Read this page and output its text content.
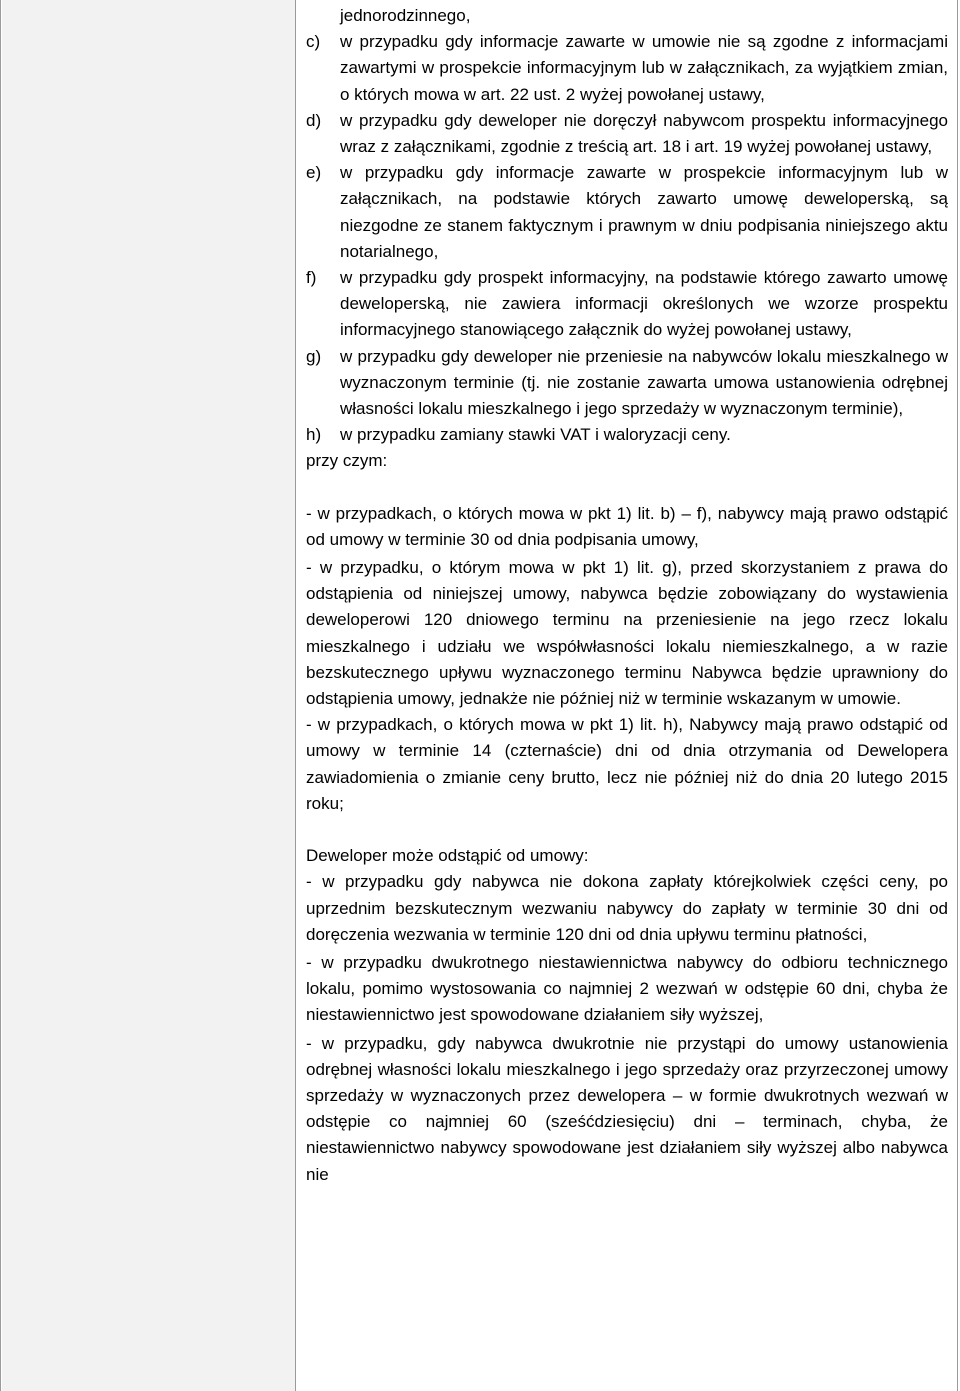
jednorodzinnego,

c)	w przypadku gdy informacje zawarte w umowie nie są zgodne z informacjami zawartymi w prospekcie informacyjnym lub w załącznikach, za wyjątkiem zmian, o których mowa w art. 22 ust. 2 wyżej powołanej ustawy,
d)	w przypadku gdy deweloper nie doręczył nabywcom prospektu informacyjnego wraz z załącznikami, zgodnie z treścią art. 18 i art. 19 wyżej powołanej ustawy,
e)	w przypadku gdy informacje zawarte w prospekcie informacyjnym lub w załącznikach, na podstawie których zawarto umowę deweloperską, są niezgodne ze stanem faktycznym i prawnym w dniu podpisania niniejszego aktu notarialnego,
f)	w przypadku gdy prospekt informacyjny, na podstawie którego zawarto umowę deweloperską, nie zawiera informacji określonych we wzorze prospektu informacyjnego stanowiącego załącznik do wyżej powołanej ustawy,
g)	w przypadku gdy deweloper nie przeniesie na nabywców lokalu mieszkalnego w wyznaczonym terminie (tj. nie zostanie zawarta umowa ustanowienia odrębnej własności lokalu mieszkalnego i jego sprzedaży w wyznaczonym terminie),
h)	w przypadku zamiany stawki VAT i waloryzacji ceny.

przy czym:

- w przypadkach, o których mowa w pkt 1) lit. b) – f), nabywcy mają prawo odstąpić od umowy w terminie 30 od dnia podpisania umowy,

- w przypadku, o którym mowa w pkt 1) lit. g), przed skorzystaniem z prawa do odstąpienia od niniejszej umowy, nabywca będzie zobowiązany do wystawienia deweloperowi 120 dniowego terminu na przeniesienie na jego rzecz lokalu mieszkalnego i udziału we współwłasności lokalu niemieszkalnego, a w razie bezskutecznego upływu wyznaczonego terminu Nabywca będzie uprawniony do odstąpienia umowy, jednakże nie później niż w terminie wskazanym w umowie.

- w przypadkach, o których mowa w pkt 1) lit. h), Nabywcy mają prawo odstąpić od umowy w terminie 14 (czternaście) dni od dnia otrzymania od Dewelopera zawiadomienia o zmianie ceny brutto, lecz nie później niż do dnia 20 lutego 2015 roku;

Deweloper może odstąpić od umowy:

- w przypadku gdy nabywca nie dokona zapłaty którejkolwiek części ceny, po uprzednim bezskutecznym wezwaniu nabywcy do zapłaty w terminie 30 dni od doręczenia wezwania w terminie 120 dni od dnia upływu terminu płatności,

- w przypadku dwukrotnego niestawiennictwa nabywcy do odbioru technicznego lokalu, pomimo wystosowania co najmniej 2 wezwań w odstępie 60 dni, chyba że niestawiennictwo jest spowodowane działaniem siły wyższej,

- w przypadku, gdy nabywca dwukrotnie nie przystąpi do umowy ustanowienia odrębnej własności lokalu mieszkalnego i jego sprzedaży oraz przyrzeczonej umowy sprzedaży w wyznaczonych przez dewelopera – w formie dwukrotnych wezwań w odstępie co najmniej 60 (sześćdziesięciu) dni – terminach, chyba, że niestawiennictwo nabywcy spowodowane jest działaniem siły wyższej albo nabywca nie
